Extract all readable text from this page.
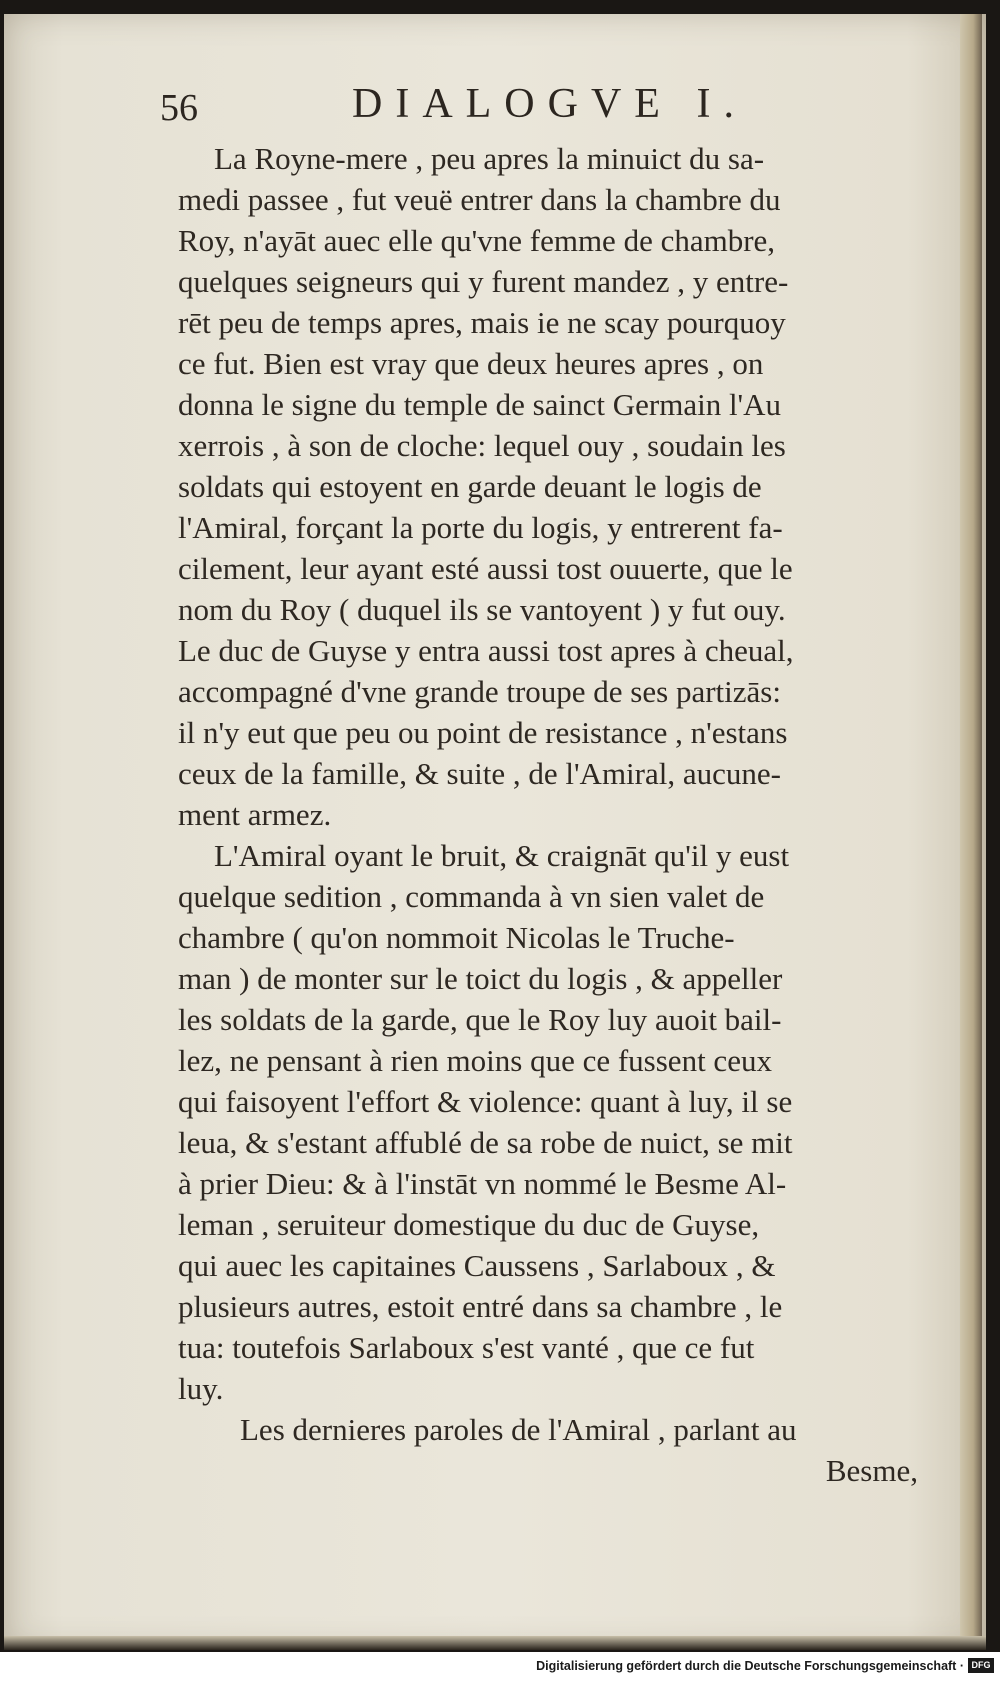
56	DIALOGVE I.
La Royne-mere , peu apres la minuict du sa-
medi passee , fut veuë entrer dans la chambre du
Roy, n'ayāt auec elle qu'vne femme de chambre,
quelques seigneurs qui y furent mandez , y entre-
rēt peu de temps apres, mais ie ne scay pourquoy
ce fut. Bien est vray que deux heures apres , on
donna le signe du temple de sainct Germain l'Au
xerrois , à son de cloche: lequel ouy , soudain les
soldats qui estoyent en garde deuant le logis de
l'Amiral, forçant la porte du logis, y entrerent fa-
cilement, leur ayant esté aussi tost ouuerte, que le
nom du Roy ( duquel ils se vantoyent ) y fut ouy.
Le duc de Guyse y entra aussi tost apres à cheual,
accompagné d'vne grande troupe de ses partizās:
il n'y eut que peu ou point de resistance , n'estans
ceux de la famille, & suite , de l'Amiral, aucune-
ment armez.
L'Amiral oyant le bruit, & craignāt qu'il y eust
quelque sedition , commanda à vn sien valet de
chambre ( qu'on nommoit Nicolas le Truche-
man ) de monter sur le toict du logis , & appeller
les soldats de la garde, que le Roy luy auoit bail-
lez, ne pensant à rien moins que ce fussent ceux
qui faisoyent l'effort & violence: quant à luy, il se
leua, & s'estant affublé de sa robe de nuict, se mit
à prier Dieu: & à l'instāt vn nommé le Besme Al-
leman , seruiteur domestique du duc de Guyse,
qui auec les capitaines Caussens , Sarlaboux , &
plusieurs autres, estoit entré dans sa chambre , le
tua: toutefois Sarlaboux s'est vanté , que ce fut
luy.
Les dernieres paroles de l'Amiral , parlant au
Besme,
Digitalisierung gefördert durch die Deutsche Forschungsgemeinschaft · DFG
